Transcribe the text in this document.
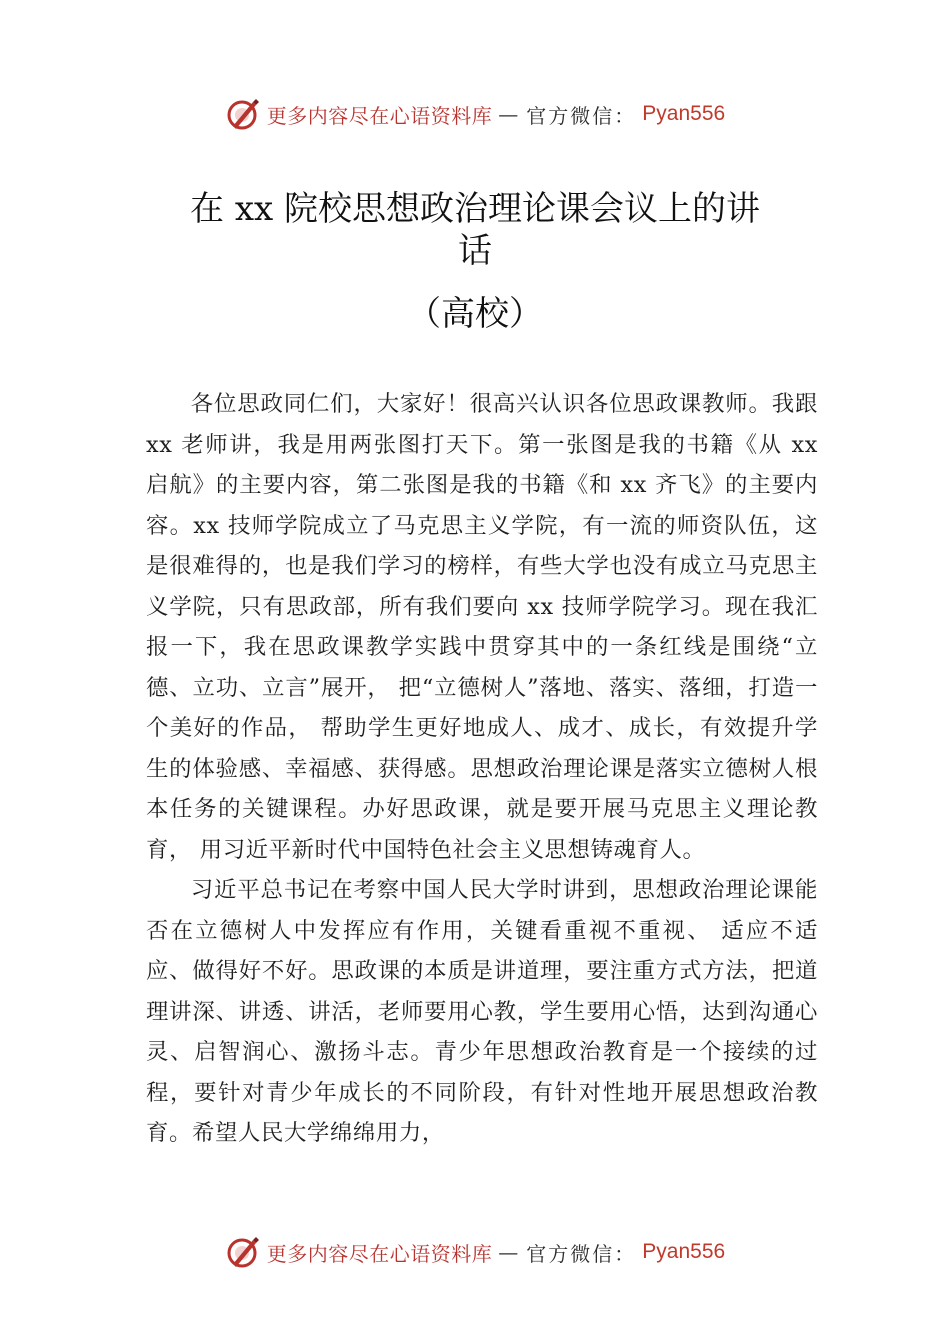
更多内容尽在心语资料库 — 官方微信： Pyan556
在 xx 院校思想政治理论课会议上的讲
话
（高校）

各位思政同仁们，大家好！很高兴认识各位思政课教师。我跟 xx 老师讲，我是用两张图打天下。第一张图是我的书籍《从 xx 启航》的主要内容，第二张图是我的书籍《和 xx 齐飞》的主要内容。xx 技师学院成立了马克思主义学院，有一流的师资队伍，这是很难得的，也是我们学习的榜样，有些大学也没有成立马克思主义学院，只有思政部，所有我们要向 xx 技师学院学习。现在我汇报一下，我在思政课教学实践中贯穿其中的一条红线是围绕“立德、立功、立言”展开， 把“立德树人”落地、落实、落细，打造一个美好的作品， 帮助学生更好地成人、成才、成长，有效提升学生的体验感、幸福感、获得感。思想政治理论课是落实立德树人根本任务的关键课程。办好思政课，就是要开展马克思主义理论教育， 用习近平新时代中国特色社会主义思想铸魂育人。

习近平总书记在考察中国人民大学时讲到，思想政治理论课能否在立德树人中发挥应有作用，关键看重视不重视、 适应不适应、做得好不好。思政课的本质是讲道理，要注重方式方法，把道理讲深、讲透、讲活，老师要用心教，学生要用心悟，达到沟通心灵、启智润心、激扬斗志。青少年思想政治教育是一个接续的过程，要针对青少年成长的不同阶段，有针对性地开展思想政治教育。希望人民大学绵绵用力，

更多内容尽在心语资料库 — 官方微信： Pyan556
